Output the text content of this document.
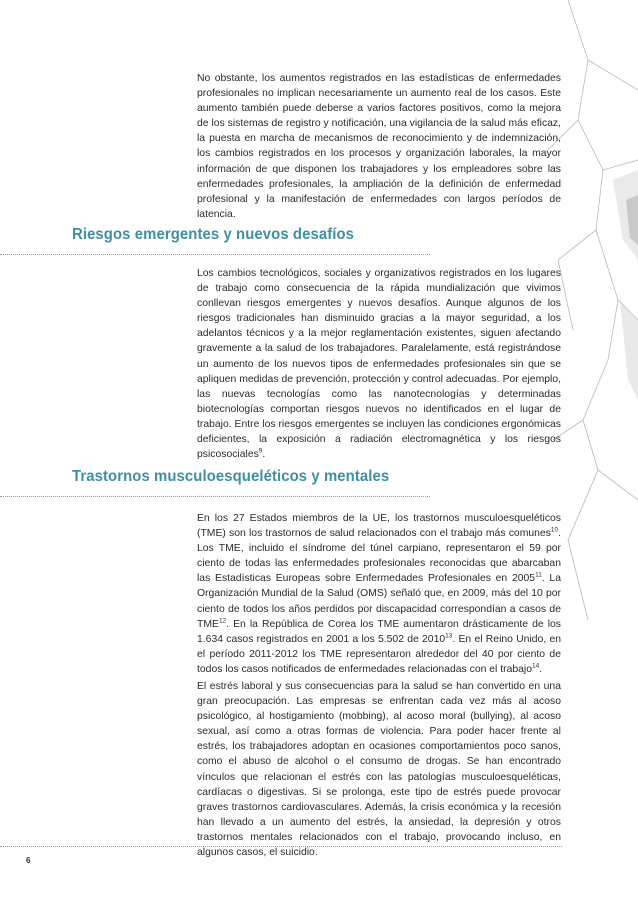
No obstante, los aumentos registrados en las estadísticas de enfermedades profesionales no implican necesariamente un aumento real de los casos. Este aumento también puede deberse a varios factores positivos, como la mejora de los sistemas de registro y notificación, una vigilancia de la salud más eficaz, la puesta en marcha de mecanismos de reconocimiento y de indemnización, los cambios registrados en los procesos y organización laborales, la mayor información de que disponen los trabajadores y los empleadores sobre las enfermedades profesionales, la ampliación de la definición de enfermedad profesional y la manifestación de enfermedades con largos períodos de latencia.

Riesgos emergentes y nuevos desafíos

Los cambios tecnológicos, sociales y organizativos registrados en los lugares de trabajo como consecuencia de la rápida mundialización que vivimos conllevan riesgos emergentes y nuevos desafíos. Aunque algunos de los riesgos tradicionales han disminuido gracias a la mayor seguridad, a los adelantos técnicos y a la mejor reglamentación existentes, siguen afectando gravemente a la salud de los trabajadores. Paralelamente, está registrándose un aumento de los nuevos tipos de enfermedades profesionales sin que se apliquen medidas de prevención, protección y control adecuadas. Por ejemplo, las nuevas tecnologías como las nanotecnologías y determinadas biotecnologías comportan riesgos nuevos no identificados en el lugar de trabajo. Entre los riesgos emergentes se incluyen las condiciones ergonómicas deficientes, la exposición a radiación electromagnética y los riesgos psicosociales$^9$.

Trastornos musculoesqueléticos y mentales

En los 27 Estados miembros de la UE, los trastornos musculoesqueléticos (TME) son los trastornos de salud relacionados con el trabajo más comunes$^{10}$. Los TME, incluido el síndrome del túnel carpiano, representaron el 59 por ciento de todas las enfermedades profesionales reconocidas que abarcaban las Estadísticas Europeas sobre Enfermedades Profesionales en 2005$^{11}$. La Organización Mundial de la Salud (OMS) señaló que, en 2009, más del 10 por ciento de todos los años perdidos por discapacidad correspondían a casos de TME$^{12}$. En la República de Corea los TME aumentaron drásticamente de los 1.634 casos registrados en 2001 a los 5.502 de 2010$^{13}$. En el Reino Unido, en el período 2011-2012 los TME representaron alrededor del 40 por ciento de todos los casos notificados de enfermedades relacionadas con el trabajo$^{14}$.

El estrés laboral y sus consecuencias para la salud se han convertido en una gran preocupación. Las empresas se enfrentan cada vez más al acoso psicológico, al hostigamiento (mobbing), al acoso moral (bullying), al acoso sexual, así como a otras formas de violencia. Para poder hacer frente al estrés, los trabajadores adoptan en ocasiones comportamientos poco sanos, como el abuso de alcohol o el consumo de drogas. Se han encontrado vínculos que relacionan el estrés con las patologías musculoesqueléticas, cardíacas o digestivas. Si se prolonga, este tipo de estrés puede provocar graves trastornos cardiovasculares. Además, la crisis económica y la recesión han llevado a un aumento del estrés, la ansiedad, la depresión y otros trastornos mentales relacionados con el trabajo, provocando incluso, en algunos casos, el suicidio.

6
